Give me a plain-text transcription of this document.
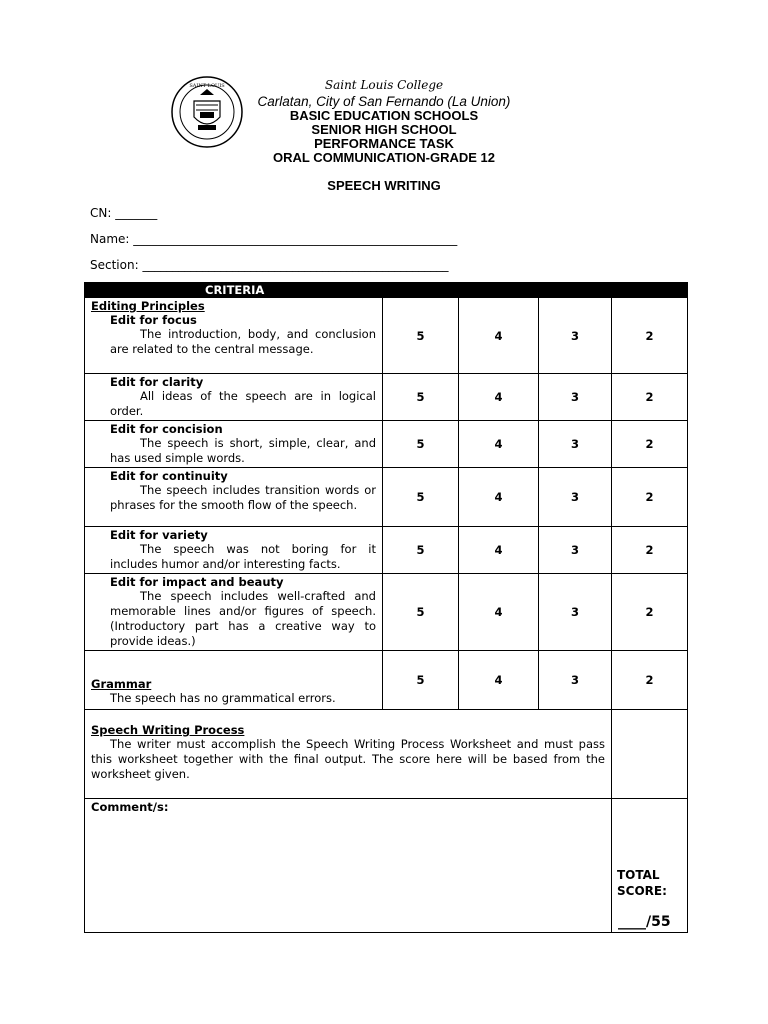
SAINT LOUIS	Saint Louis College
Carlatan, City of San Fernando (La Union)
BASIC EDUCATION SCHOOLS
SENIOR HIGH SCHOOL
PERFORMANCE TASK
ORAL COMMUNICATION-GRADE 12
SPEECH WRITING
CN: _______
Name: ______________________________________________________
Section: ___________________________________________________
CRITERIA				

Editing Principles
Edit for focus
The introduction, body, and conclusion are related to the central message.	5	4	3	2

Edit for clarity
All ideas of the speech are in logical order.	5	4	3	2

Edit for concision
The speech is short, simple, clear, and has used simple words.	5	4	3	2

Edit for continuity
The speech includes transition words or phrases for the smooth flow of the speech.	5	4	3	2

Edit for variety
The speech was not boring for it includes humor and/or interesting facts.	5	4	3	2

Edit for impact and beauty
The speech includes well-crafted and memorable lines and/or figures of speech. (Introductory part has a creative way to provide ideas.)	5	4	3	2

Grammar
The speech has no grammatical errors.	5	4	3	2

Speech Writing Process
The writer must accomplish the Speech Writing Process Worksheet and must pass this worksheet together with the final output. The score here will be based from the worksheet given.				

Comment/s:				TOTAL
SCORE:
____/55
